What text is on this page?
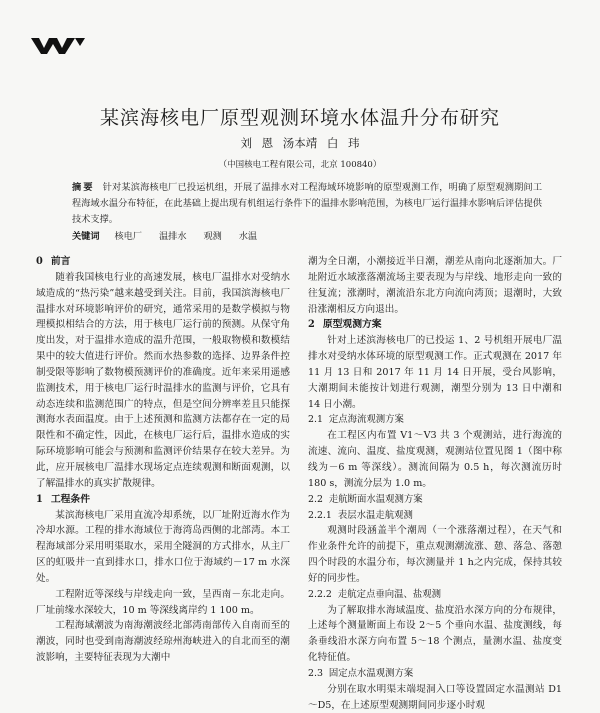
某滨海核电厂原型观测环境水体温升分布研究
刘 恩 汤本靖 白 玮
（中国核电工程有限公司，北京 100840）

摘要 针对某滨海核电厂已投运机组，开展了温排水对工程海域环境影响的原型观测工作，明确了原型观测期间工程海域水温分布特征，在此基础上提出现有机组运行条件下的温排水影响范围，为核电厂运行温排水影响后评估提供技术支撑。

关键词 核电厂 温排水 观测 水温

0 前言

随着我国核电行业的高速发展，核电厂温排水对受纳水域造成的“热污染”越来越受到关注。目前，我国滨海核电厂温排水对环境影响评价的研究，通常采用的是数学模拟与物理模拟相结合的方法，用于核电厂运行前的预测。从保守角度出发，对于温排水造成的温升范围，一般取物模和数模结果中的较大值进行评价。然而水热参数的选择、边界条件控制受限等影响了数物模预测评价的准确度。近年来采用遥感监测技术，用于核电厂运行时温排水的监测与评价，它具有动态连续和监测范围广的特点，但是空间分辨率差且只能探测海水表面温度。由于上述预测和监测方法都存在一定的局限性和不确定性，因此，在核电厂运行后，温排水造成的实际环境影响可能会与预测和监测评价结果存在较大差异。为此，应开展核电厂温排水现场定点连续观测和断面观测，以了解温排水的真实扩散规律。

1 工程条件

某滨海核电厂采用直流冷却系统，以厂址附近海水作为冷却水源。工程的排水海域位于海湾岛西侧的北部湾。本工程海域部分采用明渠取水，采用全隧洞的方式排水，从主厂区的虹吸井一直到排水口，排水口位于海域约－17 m 水深处。

工程附近等深线与岸线走向一致，呈西南－东北走向。厂址前缘水深较大，10 m 等深线离岸约 1 100 m。

工程海域潮波为南海潮波经北部湾南部传入自南而至的潮波，同时也受到南海潮波经琼州海峡进入的自北而至的潮波影响，主要特征表现为大潮中

潮为全日潮，小潮接近半日潮，潮差从南向北逐渐加大。厂址附近水域涨落潮流场主要表现为与岸线、地形走向一致的往复流；涨潮时，潮流沿东北方向流向湾顶；退潮时，大致沿涨潮相反方向退出。

2 原型观测方案

针对上述滨海核电厂的已投运 1、2 号机组开展电厂温排水对受纳水体环境的原型观测工作。正式观测在 2017 年 11 月 13 日和 2017 年 11 月 14 日开展，受台风影响，大潮期间未能按计划进行观测，潮型分别为 13 日中潮和 14 日小潮。

2.1 定点海流观测方案

在工程区内布置 V1～V3 共 3 个观测站，进行海流的流速、流向、温度、盐度观测，观测站位置见图 1（图中称线为－6 m 等深线）。测流间隔为 0.5 h，每次测流历时 180 s，测流分层为 1.0 m。

2.2 走航断面水温观测方案
2.2.1 表层水温走航观测

观测时段涵盖半个潮周（一个涨落潮过程），在天气和作业条件允许的前提下，重点观测潮流涨、憩、落急、落憩四个时段的水温分布，每次测量并 1 h之内完成，保持其较好的同步性。

2.2.2 走航定点垂向温、盐观测

为了解取排水海域温度、盐度沿水深方向的分布规律，上述每个测量断面上布设 2～5 个垂向水温、盐度测线，每条垂线沿水深方向布置 5～18 个测点，量测水温、盐度变化特征值。

2.3 固定点水温观测方案

分别在取水明渠末端堤洞入口等设置固定水温测站 D1～D5，在上述原型观测期间同步逐小时观
